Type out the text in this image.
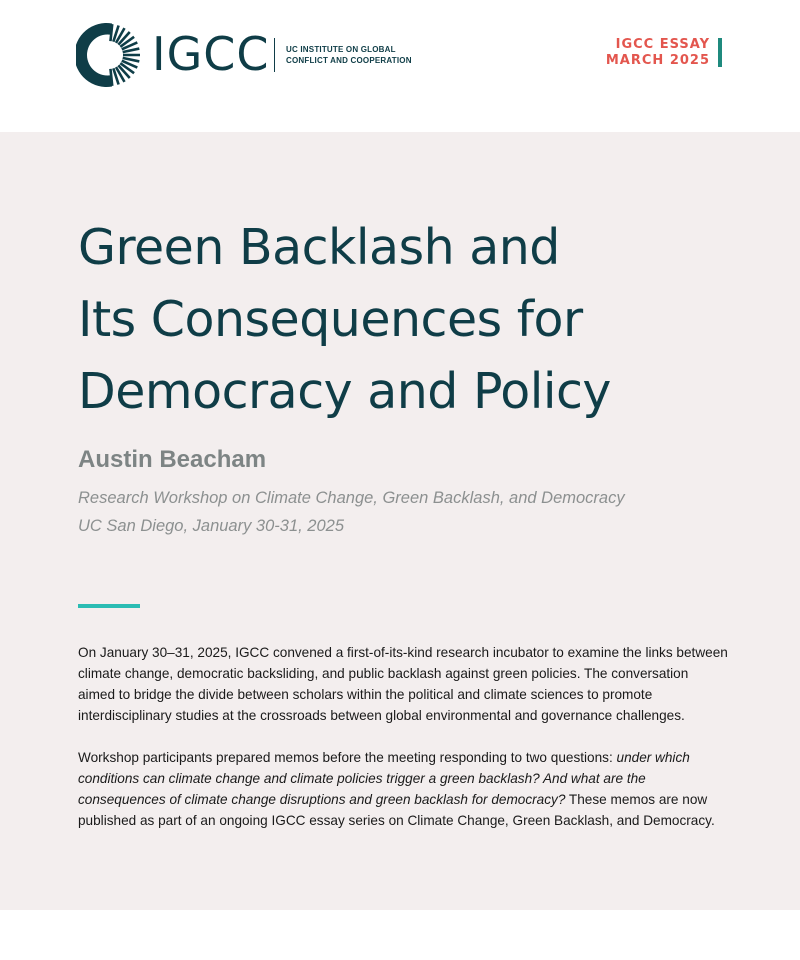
IGCC UC INSTITUTE ON GLOBAL
CONFLICT AND COOPERATION
IGCC ESSAY
MARCH 2025
Green Backlash and
Its Consequences for
Democracy and Policy
Austin Beacham
Research Workshop on Climate Change, Green Backlash, and Democracy
UC San Diego, January 30-31, 2025

On January 30–31, 2025, IGCC convened a first-of-its-kind research incubator to examine the links between climate change, democratic backsliding, and public backlash against green policies. The conversation aimed to bridge the divide between scholars within the political and climate sciences to promote interdisciplinary studies at the crossroads between global environmental and governance challenges.

Workshop participants prepared memos before the meeting responding to two questions: under which conditions can climate change and climate policies trigger a green backlash? And what are the consequences of climate change disruptions and green backlash for democracy? These memos are now published as part of an ongoing IGCC essay series on Climate Change, Green Backlash, and Democracy.
